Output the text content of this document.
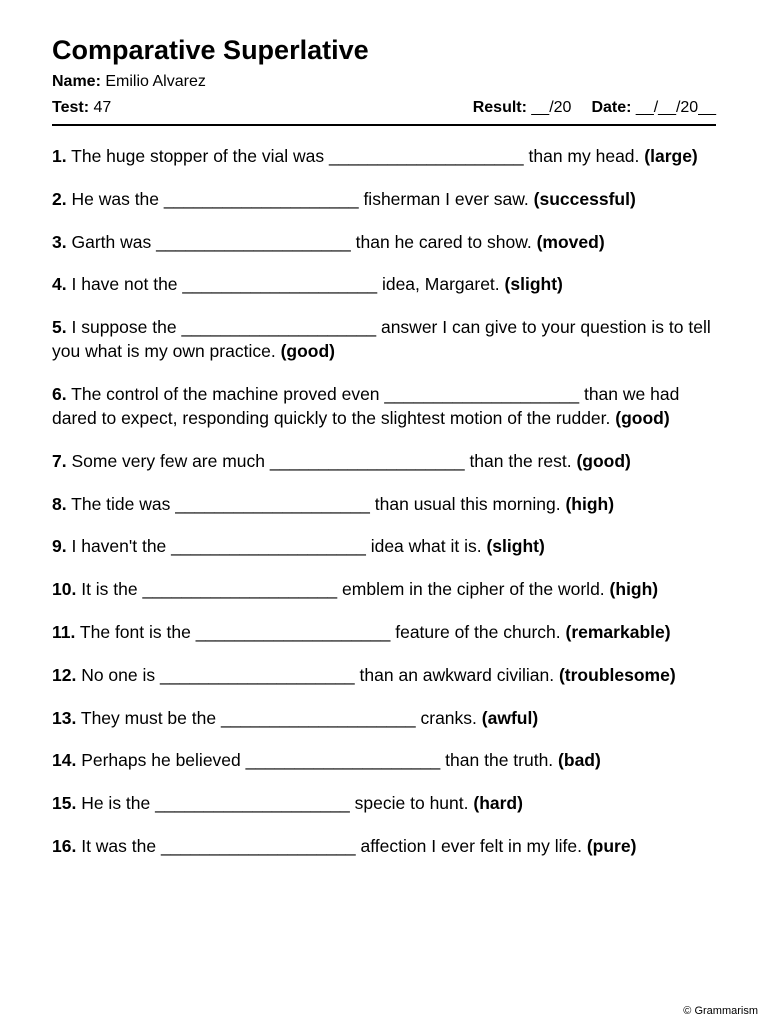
Comparative Superlative
Name: Emilio Alvarez
Test: 47	Result: __/20 Date: __/__/20__
1. The huge stopper of the vial was ____________________ than my head. (large)
2. He was the ____________________ fisherman I ever saw. (successful)
3. Garth was ____________________ than he cared to show. (moved)
4. I have not the ____________________ idea, Margaret. (slight)
5. I suppose the ____________________ answer I can give to your question is to tell you what is my own practice. (good)
6. The control of the machine proved even ____________________ than we had dared to expect, responding quickly to the slightest motion of the rudder. (good)
7. Some very few are much ____________________ than the rest. (good)
8. The tide was ____________________ than usual this morning. (high)
9. I haven't the ____________________ idea what it is. (slight)
10. It is the ____________________ emblem in the cipher of the world. (high)
11. The font is the ____________________ feature of the church. (remarkable)
12. No one is ____________________ than an awkward civilian. (troublesome)
13. They must be the ____________________ cranks. (awful)
14. Perhaps he believed ____________________ than the truth. (bad)
15. He is the ____________________ specie to hunt. (hard)
16. It was the ____________________ affection I ever felt in my life. (pure)
© Grammarism
